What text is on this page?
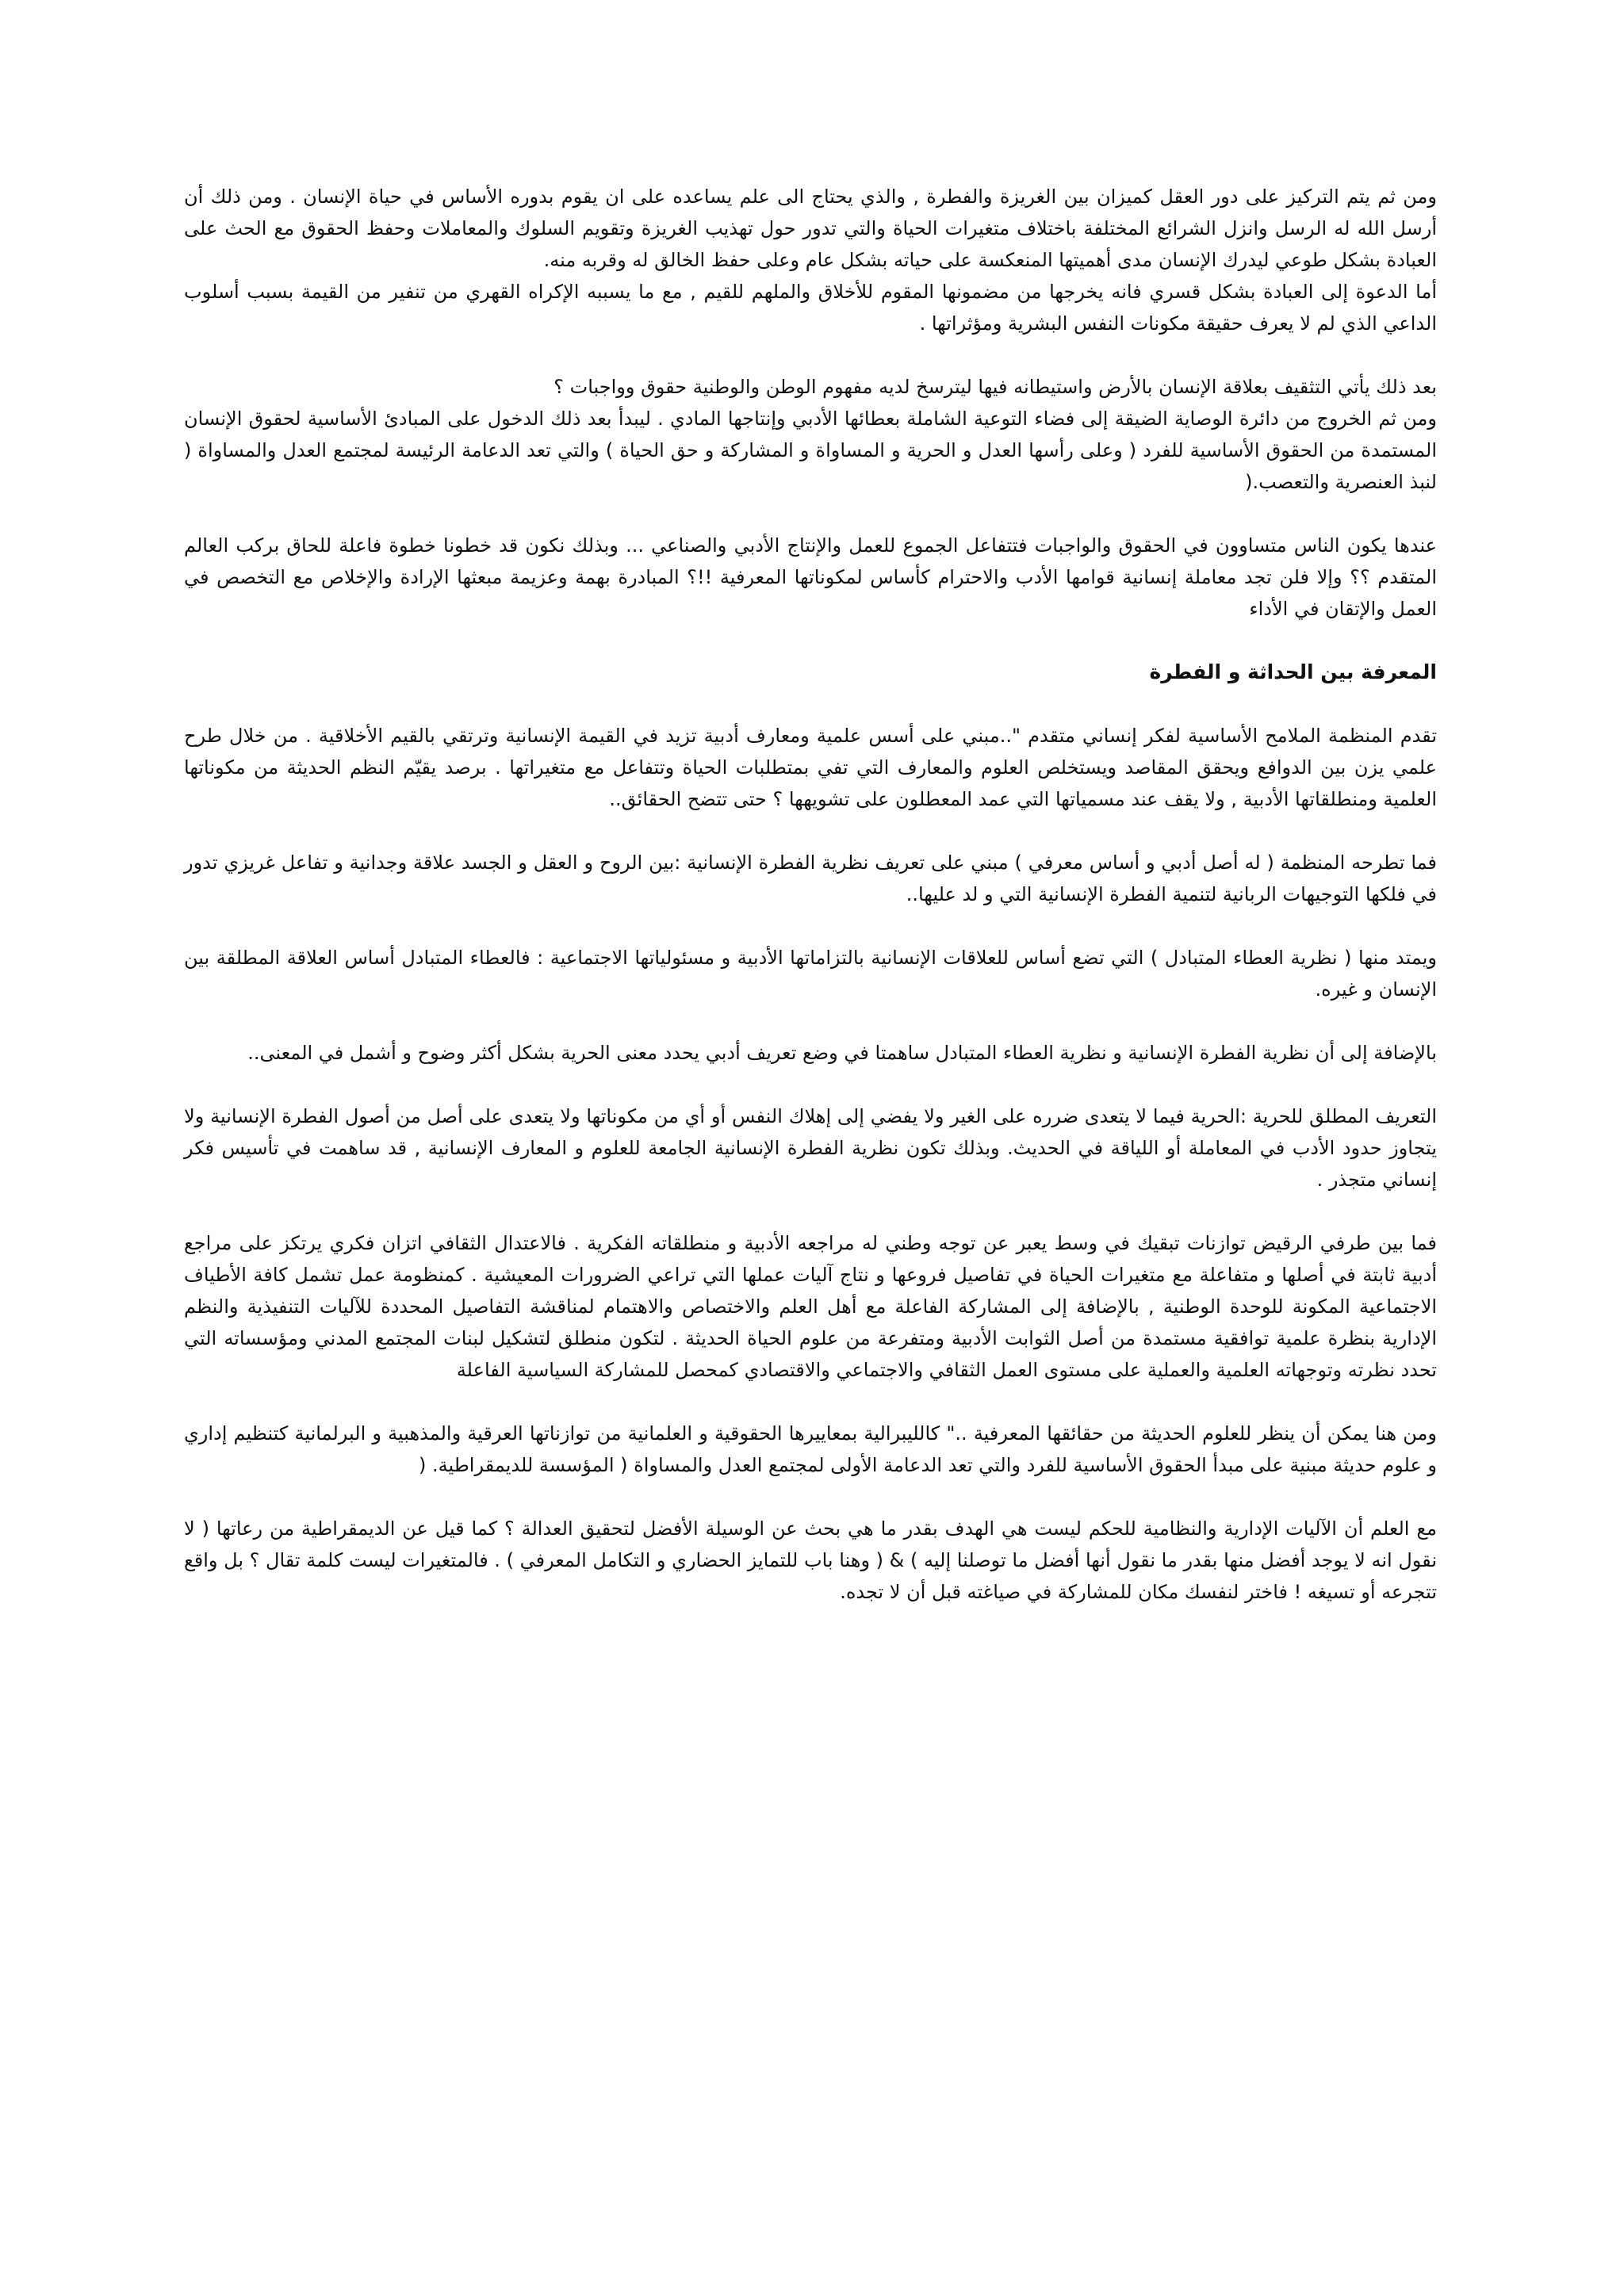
ومن ثم يتم التركيز على دور العقل كميزان بين الغريزة والفطرة , والذي يحتاج الى علم يساعده على ان يقوم بدوره الأساس في حياة الإنسان . ومن ذلك أن أرسل الله له الرسل وانزل الشرائع المختلفة باختلاف متغيرات الحياة والتي تدور حول تهذيب الغريزة وتقويم السلوك والمعاملات وحفظ الحقوق مع الحث على العبادة بشكل طوعي ليدرك الإنسان مدى أهميتها المنعكسة على حياته بشكل عام وعلى حفظ الخالق له وقربه منه.

أما الدعوة إلى العبادة بشكل قسري فانه يخرجها من مضمونها المقوم للأخلاق والملهم للقيم , مع ما يسببه الإكراه القهري من تنفير من القيمة بسبب أسلوب الداعي الذي لم لا يعرف حقيقة مكونات النفس البشرية ومؤثراتها .

بعد ذلك يأتي التثقيف بعلاقة الإنسان بالأرض واستيطانه فيها ليترسخ لديه مفهوم الوطن والوطنية حقوق وواجبات ؟

ومن ثم الخروج من دائرة الوصاية الضيقة إلى فضاء التوعية الشاملة بعطائها الأدبي وإنتاجها المادي . ليبدأ بعد ذلك الدخول على المبادئ الأساسية لحقوق الإنسان المستمدة من الحقوق الأساسية للفرد ( وعلى رأسها العدل و الحرية و المساواة و المشاركة و حق الحياة ) والتي تعد الدعامة الرئيسة لمجتمع العدل والمساواة ( لنبذ العنصرية والتعصب.(

عندها يكون الناس متساوون في الحقوق والواجبات فتتفاعل الجموع للعمل والإنتاج الأدبي والصناعي ... وبذلك نكون قد خطونا خطوة فاعلة للحاق بركب العالم المتقدم ؟؟ وإلا فلن تجد معاملة إنسانية قوامها الأدب والاحترام كأساس لمكوناتها المعرفية !!؟ المبادرة بهمة وعزيمة مبعثها الإرادة والإخلاص مع التخصص في العمل والإتقان في الأداء

المعرفة بين الحداثة و الفطرة

تقدم المنظمة الملامح الأساسية لفكر إنساني متقدم "..مبني على أسس علمية ومعارف أدبية تزيد في القيمة الإنسانية وترتقي بالقيم الأخلاقية . من خلال طرح علمي يزن بين الدوافع ويحقق المقاصد ويستخلص العلوم والمعارف التي تفي بمتطلبات الحياة وتتفاعل مع متغيراتها . برصد يقيّم النظم الحديثة من مكوناتها العلمية ومنطلقاتها الأدبية , ولا يقف عند مسمياتها التي عمد المعطلون على تشويهها ؟ حتى تتضح الحقائق..

فما تطرحه المنظمة ( له أصل أدبي و أساس معرفي ) مبني على تعريف نظرية الفطرة الإنسانية :بين الروح و العقل و الجسد علاقة وجدانية و تفاعل غريزي تدور في فلكها التوجيهات الربانية لتنمية الفطرة الإنسانية التي و لد عليها..

ويمتد منها ( نظرية العطاء المتبادل ) التي تضع أساس للعلاقات الإنسانية بالتزاماتها الأدبية و مسئولياتها الاجتماعية : فالعطاء المتبادل أساس العلاقة المطلقة بين الإنسان و غيره.

بالإضافة إلى أن نظرية الفطرة الإنسانية و نظرية العطاء المتبادل ساهمتا في وضع تعريف أدبي يحدد معنى الحرية بشكل أكثر وضوح و أشمل في المعنى..

التعريف المطلق للحرية :الحرية فيما لا يتعدى ضرره على الغير ولا يفضي إلى إهلاك النفس أو أي من مكوناتها ولا يتعدى على أصل من أصول الفطرة الإنسانية ولا يتجاوز حدود الأدب في المعاملة أو اللياقة في الحديث. وبذلك تكون نظرية الفطرة الإنسانية الجامعة للعلوم و المعارف الإنسانية , قد ساهمت في تأسيس فكر إنساني متجذر .

فما بين طرفي الرقيض توازنات تبقيك في وسط يعبر عن توجه وطني له مراجعه الأدبية و منطلقاته الفكرية . فالاعتدال الثقافي اتزان فكري يرتكز على مراجع أدبية ثابتة في أصلها و متفاعلة مع متغيرات الحياة في تفاصيل فروعها و نتاج آليات عملها التي تراعي الضرورات المعيشية . كمنظومة عمل تشمل كافة الأطياف الاجتماعية المكونة للوحدة الوطنية , بالإضافة إلى المشاركة الفاعلة مع أهل العلم والاختصاص والاهتمام لمناقشة التفاصيل المحددة للآليات التنفيذية والنظم الإدارية بنظرة علمية توافقية مستمدة من أصل الثوابت الأدبية ومتفرعة من علوم الحياة الحديثة . لتكون منطلق لتشكيل لبنات المجتمع المدني ومؤسساته التي تحدد نظرته وتوجهاته العلمية والعملية على مستوى العمل الثقافي والاجتماعي والاقتصادي كمحصل للمشاركة السياسية الفاعلة

ومن هنا يمكن أن ينظر للعلوم الحديثة من حقائقها المعرفية .." كالليبرالية بمعاييرها الحقوقية و العلمانية من توازناتها العرقية والمذهبية و البرلمانية كتنظيم إداري و علوم حديثة مبنية على مبدأ الحقوق الأساسية للفرد والتي تعد الدعامة الأولى لمجتمع العدل والمساواة ( المؤسسة للديمقراطية. (

مع العلم أن الآليات الإدارية والنظامية للحكم ليست هي الهدف بقدر ما هي بحث عن الوسيلة الأفضل لتحقيق العدالة ؟ كما قيل عن الديمقراطية من رعاتها ( لا نقول انه لا يوجد أفضل منها بقدر ما نقول أنها أفضل ما توصلنا إليه ) & ( وهنا باب للتمايز الحضاري و التكامل المعرفي ) . فالمتغيرات ليست كلمة تقال ؟ بل واقع تتجرعه أو تسيغه ! فاختر لنفسك مكان للمشاركة في صياغته قبل أن لا تجده.
